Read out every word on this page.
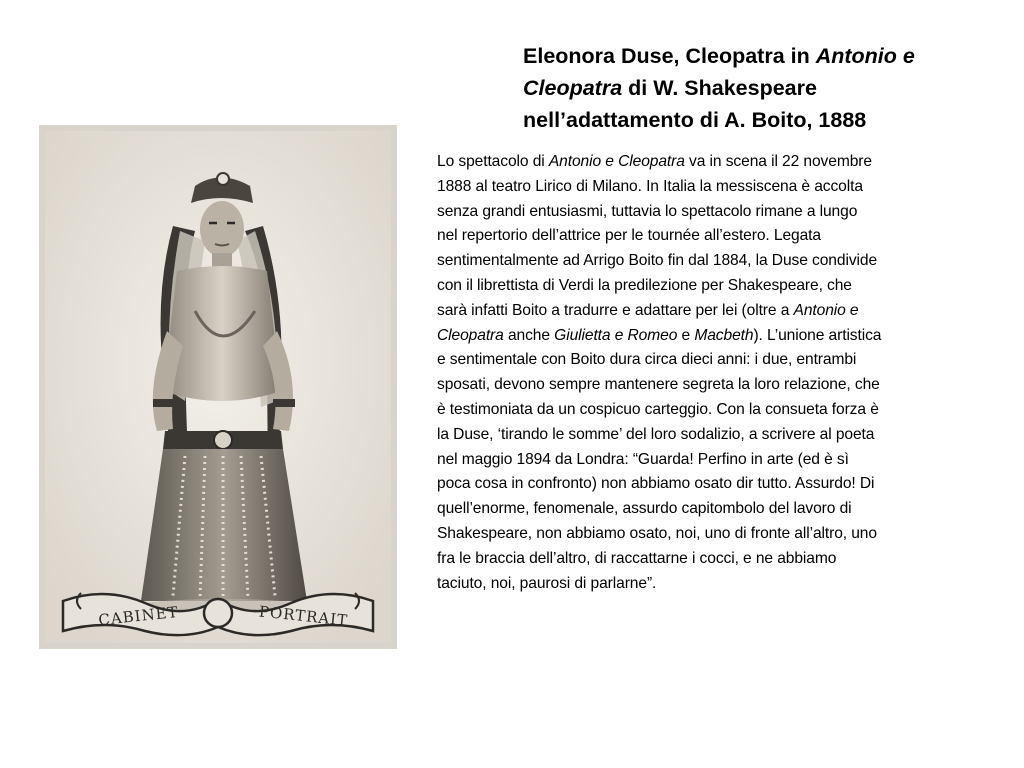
CABINET	PORTRAIT
Eleonora Duse, Cleopatra in Antonio e
Cleopatra di W. Shakespeare
nell’adattamento di A. Boito, 1888
Lo spettacolo di Antonio e Cleopatra va in scena il 22 novembre
1888 al teatro Lirico di Milano. In Italia la messiscena è accolta
senza grandi entusiasmi, tuttavia lo spettacolo rimane a lungo
nel repertorio dell’attrice per le tournée all’estero. Legata
sentimentalmente ad Arrigo Boito fin dal 1884, la Duse condivide
con il librettista di Verdi la predilezione per Shakespeare, che
sarà infatti Boito a tradurre e adattare per lei (oltre a Antonio e
Cleopatra anche Giulietta e Romeo e Macbeth). L’unione artistica
e sentimentale con Boito dura circa dieci anni: i due, entrambi
sposati, devono sempre mantenere segreta la loro relazione, che
è testimoniata da un cospicuo carteggio. Con la consueta forza è
la Duse, ‘tirando le somme’ del loro sodalizio, a scrivere al poeta
nel maggio 1894 da Londra: “Guarda! Perfino in arte (ed è sì
poca cosa in confronto) non abbiamo osato dir tutto. Assurdo! Di
quell’enorme, fenomenale, assurdo capitombolo del lavoro di
Shakespeare, non abbiamo osato, noi, uno di fronte all’altro, uno
fra le braccia dell’altro, di raccattarne i cocci, e ne abbiamo
taciuto, noi, paurosi di parlarne”.
